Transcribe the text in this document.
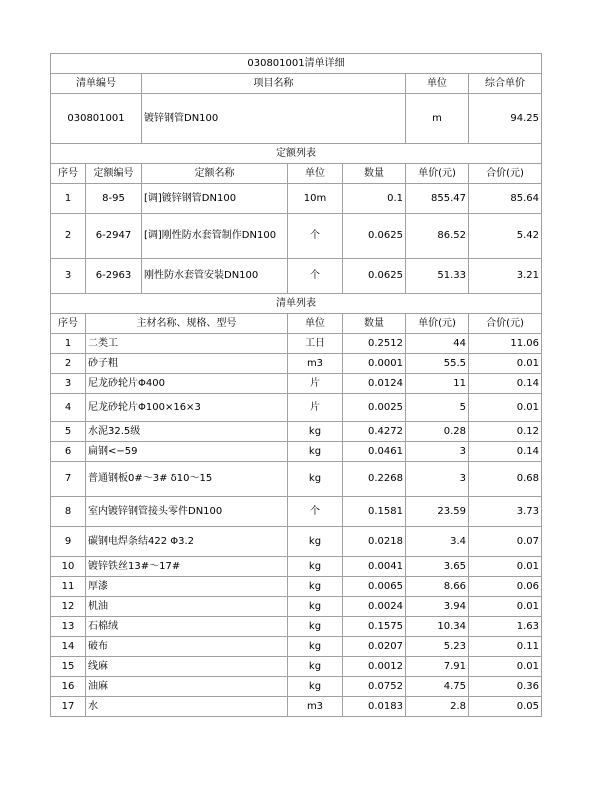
030801001清单详细						
清单编号		项目名称			单位	综合单价
030801001		镀锌钢管DN100			m	94.25
定额列表						
序号	定额编号	定额名称	单位	数量	单价(元)	合价(元)
1	8-95	[调]镀锌钢管DN100	10m	0.1	855.47	85.64
2	6-2947	[调]刚性防水套管制作DN100	个	0.0625	86.52	5.42
3	6-2963	刚性防水套管安装DN100	个	0.0625	51.33	3.21
清单列表						
序号	主材名称、规格、型号		单位	数量	单价(元)	合价(元)
1	二类工		工日	0.2512	44	11.06
2	砂子粗		m3	0.0001	55.5	0.01
3	尼龙砂轮片Φ400		片	0.0124	11	0.14
4	尼龙砂轮片Φ100×16×3		片	0.0025	5	0.01
5	水泥32.5级		kg	0.4272	0.28	0.12
6	扁钢<−59		kg	0.0461	3	0.14
7	普通钢板0#～3# δ10～15		kg	0.2268	3	0.68
8	室内镀锌钢管接头零件DN100		个	0.1581	23.59	3.73
9	碳钢电焊条结422 Φ3.2		kg	0.0218	3.4	0.07
10	镀锌铁丝13#～17#		kg	0.0041	3.65	0.01
11	厚漆		kg	0.0065	8.66	0.06
12	机油		kg	0.0024	3.94	0.01
13	石棉绒		kg	0.1575	10.34	1.63
14	破布		kg	0.0207	5.23	0.11
15	线麻		kg	0.0012	7.91	0.01
16	油麻		kg	0.0752	4.75	0.36
17	水		m3	0.0183	2.8	0.05
